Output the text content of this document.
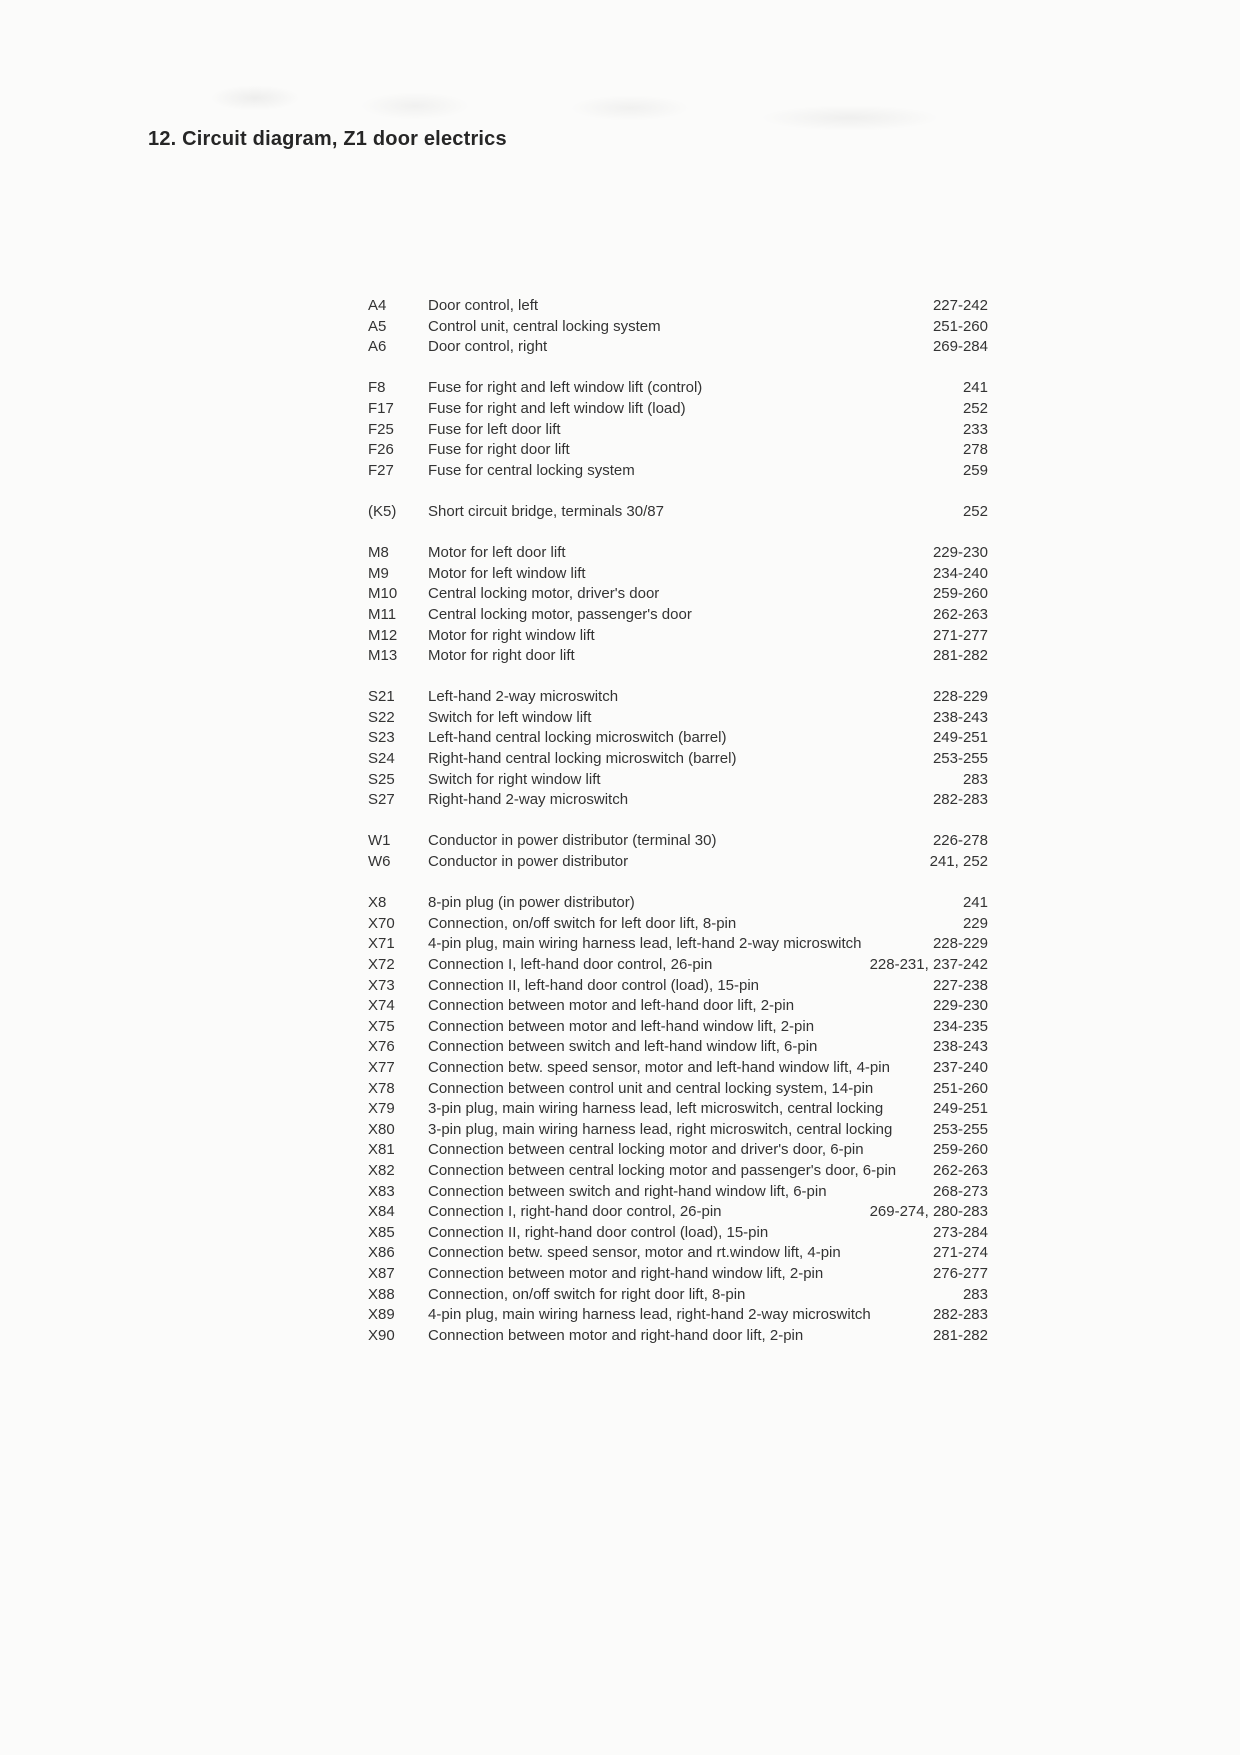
12. Circuit diagram, Z1 door electrics
A4	Door control, left	227-242
A5	Control unit, central locking system	251-260
A6	Door control, right	269-284
F8	Fuse for right and left window lift (control)	241
F17	Fuse for right and left window lift (load)	252
F25	Fuse for left door lift	233
F26	Fuse for right door lift	278
F27	Fuse for central locking system	259
(K5)	Short circuit bridge, terminals 30/87	252
M8	Motor for left door lift	229-230
M9	Motor for left window lift	234-240
M10	Central locking motor, driver's door	259-260
M11	Central locking motor, passenger's door	262-263
M12	Motor for right window lift	271-277
M13	Motor for right door lift	281-282
S21	Left-hand 2-way microswitch	228-229
S22	Switch for left window lift	238-243
S23	Left-hand central locking microswitch (barrel)	249-251
S24	Right-hand central locking microswitch (barrel)	253-255
S25	Switch for right window lift	283
S27	Right-hand 2-way microswitch	282-283
W1	Conductor in power distributor (terminal 30)	226-278
W6	Conductor in power distributor	241, 252
X8	8-pin plug (in power distributor)	241
X70	Connection, on/off switch for left door lift, 8-pin	229
X71	4-pin plug, main wiring harness lead, left-hand 2-way microswitch	228-229
X72	Connection I, left-hand door control, 26-pin	228-231, 237-242
X73	Connection II, left-hand door control (load), 15-pin	227-238
X74	Connection between motor and left-hand door lift, 2-pin	229-230
X75	Connection between motor and left-hand window lift, 2-pin	234-235
X76	Connection between switch and left-hand window lift, 6-pin	238-243
X77	Connection betw. speed sensor, motor and left-hand window lift, 4-pin	237-240
X78	Connection between control unit and central locking system, 14-pin	251-260
X79	3-pin plug, main wiring harness lead, left microswitch, central locking	249-251
X80	3-pin plug, main wiring harness lead, right microswitch, central locking	253-255
X81	Connection between central locking motor and driver's door, 6-pin	259-260
X82	Connection between central locking motor and passenger's door, 6-pin	262-263
X83	Connection between switch and right-hand window lift, 6-pin	268-273
X84	Connection I, right-hand door control, 26-pin	269-274, 280-283
X85	Connection II, right-hand door control (load), 15-pin	273-284
X86	Connection betw. speed sensor, motor and rt.window lift, 4-pin	271-274
X87	Connection between motor and right-hand window lift, 2-pin	276-277
X88	Connection, on/off switch for right door lift, 8-pin	283
X89	4-pin plug, main wiring harness lead, right-hand 2-way microswitch	282-283
X90	Connection between motor and right-hand door lift, 2-pin	281-282
